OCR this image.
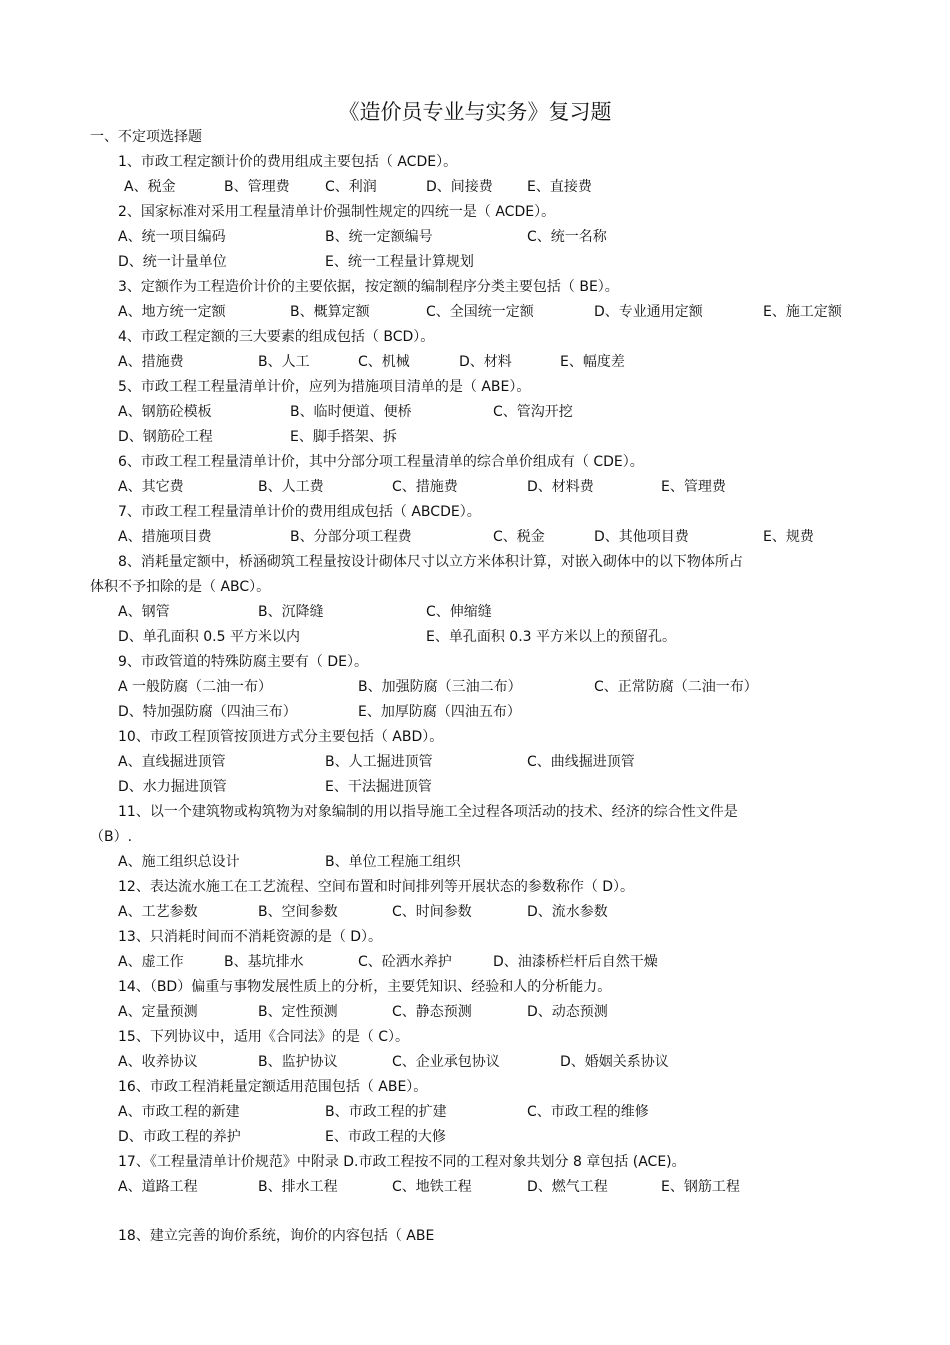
《造价员专业与实务》复习题
一、不定项选择题
1、市政工程定额计价的费用组成主要包括（ ACDE）。
A、税金	B、管理费	C、利润	D、间接费 E、直接费
2、国家标准对采用工程量清单计价强制性规定的四统一是（ ACDE）。
A、统一项目编码	B、统一定额编号	C、统一名称
D、统一计量单位	E、统一工程量计算规划
3、定额作为工程造价计价的主要依据，按定额的编制程序分类主要包括（ BE）。
A、地方统一定额	B、概算定额	C、全国统一定额	D、专业通用定额	E、施工定额
4、市政工程定额的三大要素的组成包括（ BCD）。
A、措施费	B、人工	C、机械	D、材料	E、幅度差
5、市政工程工程量清单计价，应列为措施项目清单的是（ ABE）。
A、钢筋砼模板	B、临时便道、便桥	C、管沟开挖
D、钢筋砼工程	E、脚手搭架、拆
6、市政工程工程量清单计价，其中分部分项工程量清单的综合单价组成有（ CDE）。
A、其它费	B、人工费	C、措施费	D、材料费	E、管理费
7、市政工程工程量清单计价的费用组成包括（ ABCDE）。
A、措施项目费	B、分部分项工程费	C、税金	D、其他项目费	E、规费
8、消耗量定额中，桥涵砌筑工程量按设计砌体尺寸以立方米体积计算，对嵌入砌体中的以下物体所占
体积不予扣除的是（ ABC）。
A、钢管	B、沉降缝	C、伸缩缝
D、单孔面积 0.5 平方米以内	E、单孔面积 0.3 平方米以上的预留孔。
9、市政管道的特殊防腐主要有（ DE）。
A 一般防腐（二油一布）	B、加强防腐（三油二布）	C、正常防腐（二油一布）
D、特加强防腐（四油三布）	E、加厚防腐（四油五布）
10、市政工程顶管按顶进方式分主要包括（ ABD）。
A、直线掘进顶管	B、人工掘进顶管	C、曲线掘进顶管
D、水力掘进顶管	E、干法掘进顶管
11、以一个建筑物或构筑物为对象编制的用以指导施工全过程各项活动的技术、经济的综合性文件是
（B）.
A、施工组织总设计	B、单位工程施工组织
12、表达流水施工在工艺流程、空间布置和时间排列等开展状态的参数称作（ D）。
A、工艺参数	B、空间参数	C、时间参数	D、流水参数
13、只消耗时间而不消耗资源的是（ D）。
A、虚工作	B、基坑排水	C、砼洒水养护	D、油漆桥栏杆后自然干燥
14、（BD）偏重与事物发展性质上的分析，主要凭知识、经验和人的分析能力。
A、定量预测	B、定性预测	C、静态预测	D、动态预测
15、下列协议中，适用《合同法》的是（ C）。
A、收养协议	B、监护协议	C、企业承包协议	D、婚姻关系协议
16、市政工程消耗量定额适用范围包括（ ABE）。
A、市政工程的新建	B、市政工程的扩建	C、市政工程的维修
D、市政工程的养护	E、市政工程的大修
17、《工程量清单计价规范》中附录 D.市政工程按不同的工程对象共划分 8 章包括 (ACE)。
A、道路工程	B、排水工程	C、地铁工程	D、燃气工程	E、钢筋工程
18、建立完善的询价系统，询价的内容包括（ ABE
